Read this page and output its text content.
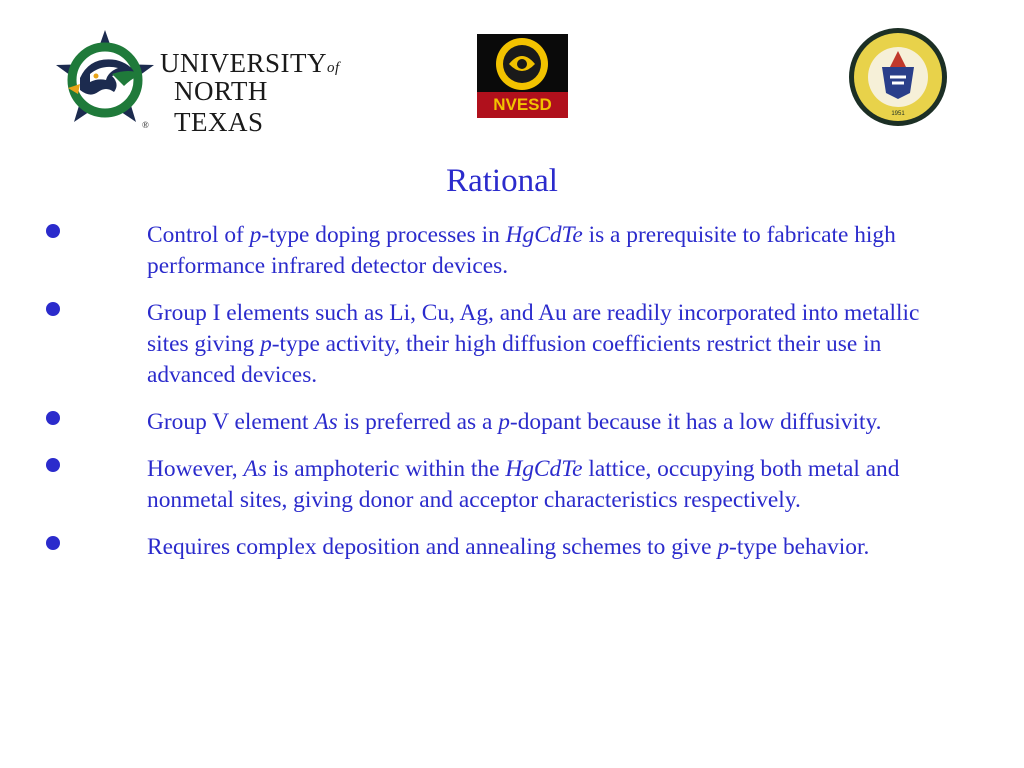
UNIVERSITYof
NORTH TEXAS
®
NVESD	1951
Rational
Control of p-type doping processes in HgCdTe is a prerequisite to fabricate high performance infrared detector devices.
Group I elements such as Li, Cu, Ag, and Au are readily incorporated into metallic sites giving p-type activity, their high diffusion coefficients restrict their use in advanced devices.
Group V element As is preferred as a p-dopant because it has a low diffusivity.
However, As is amphoteric within the HgCdTe lattice, occupying both metal and nonmetal sites, giving donor and acceptor characteristics respectively.
Requires complex deposition and annealing schemes to give p-type behavior.
